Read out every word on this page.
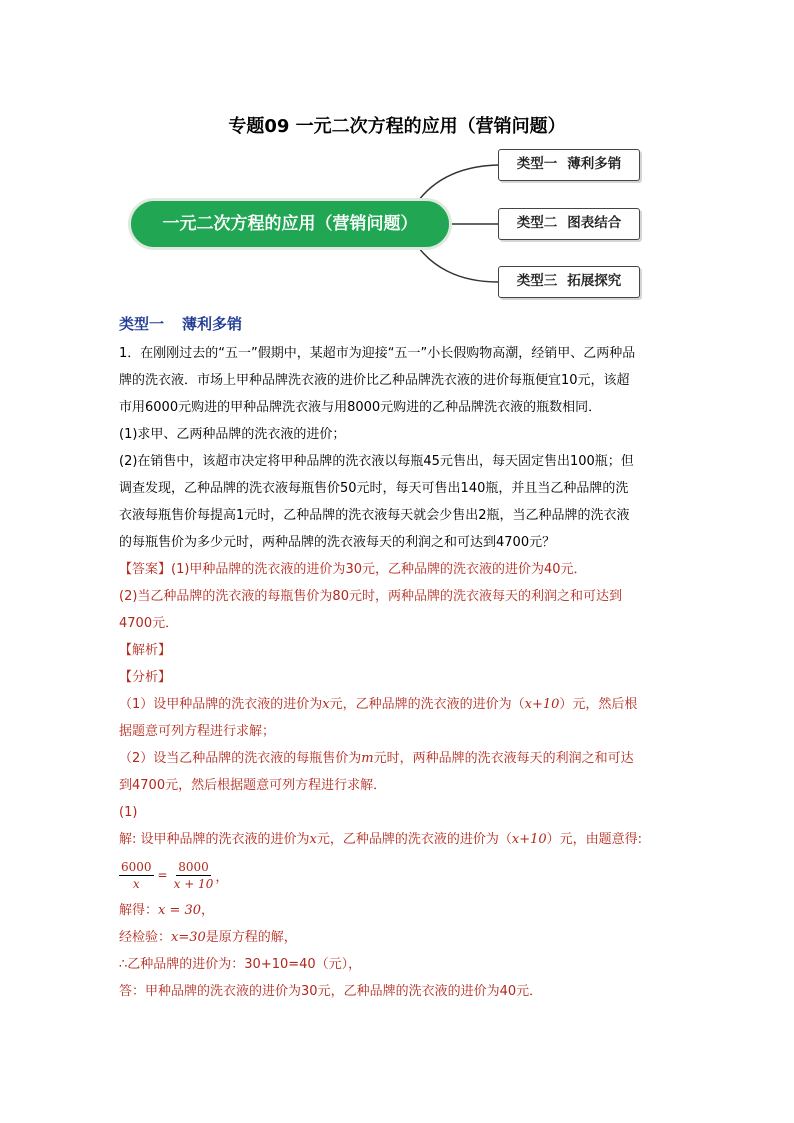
专题09 一元二次方程的应用（营销问题）
一元二次方程的应用（营销问题）
类型一 薄利多销
类型二 图表结合
类型三 拓展探究
类型一 薄利多销
1．在刚刚过去的“五一”假期中，某超市为迎接“五一”小长假购物高潮，经销甲、乙两种品
牌的洗衣液．市场上甲种品牌洗衣液的进价比乙种品牌洗衣液的进价每瓶便宜10元，该超
市用6000元购进的甲种品牌洗衣液与用8000元购进的乙种品牌洗衣液的瓶数相同．
(1)求甲、乙两种品牌的洗衣液的进价；
(2)在销售中，该超市决定将甲种品牌的洗衣液以每瓶45元售出，每天固定售出100瓶；但
调查发现，乙种品牌的洗衣液每瓶售价50元时，每天可售出140瓶，并且当乙种品牌的洗
衣液每瓶售价每提高1元时，乙种品牌的洗衣液每天就会少售出2瓶，当乙种品牌的洗衣液
的每瓶售价为多少元时，两种品牌的洗衣液每天的利润之和可达到4700元？
【答案】(1)甲种品牌的洗衣液的进价为30元，乙种品牌的洗衣液的进价为40元．
(2)当乙种品牌的洗衣液的每瓶售价为80元时，两种品牌的洗衣液每天的利润之和可达到
4700元．
【解析】
【分析】
（1）设甲种品牌的洗衣液的进价为x元，乙种品牌的洗衣液的进价为（x+10）元，然后根
据题意可列方程进行求解；
（2）设当乙种品牌的洗衣液的每瓶售价为m元时，两种品牌的洗衣液每天的利润之和可达
到4700元，然后根据题意可列方程进行求解．
(1)
解: 设甲种品牌的洗衣液的进价为x元，乙种品牌的洗衣液的进价为（x+10）元，由题意得:
$\frac{6000}{x} = \frac{8000}{x + 10}$ ，
解得：x = 30，
经检验：x=30是原方程的解，
∴乙种品牌的进价为：30+10=40（元），
答：甲种品牌的洗衣液的进价为30元，乙种品牌的洗衣液的进价为40元．
